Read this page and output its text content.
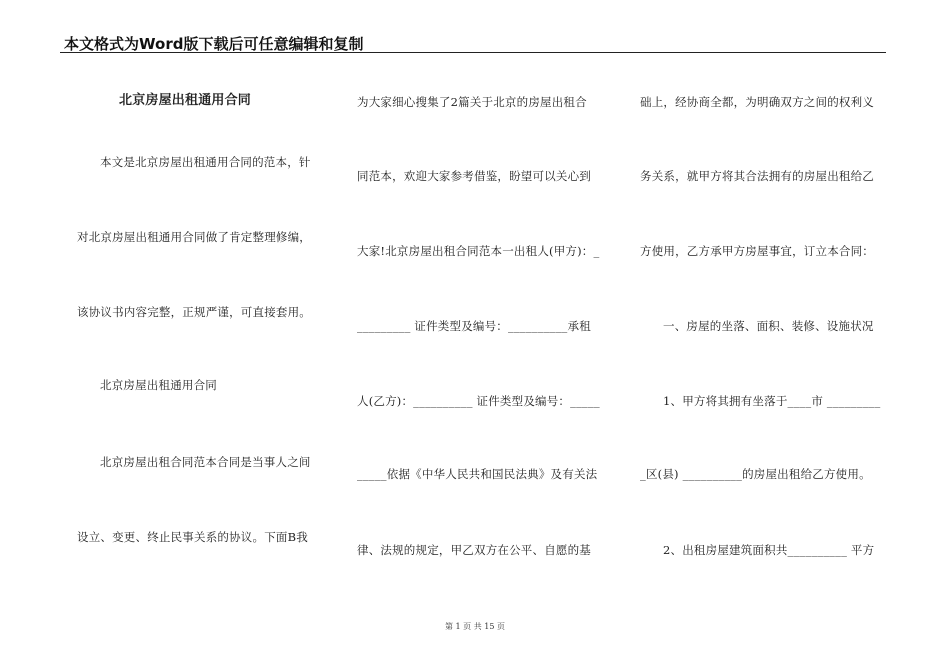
本文格式为Word版下载后可任意编辑和复制
北京房屋出租通用合同
本文是北京房屋出租通用合同的范本，针
对北京房屋出租通用合同做了肯定整理修编，
该协议书内容完整，正规严谨，可直接套用。
北京房屋出租通用合同
北京房屋出租合同范本合同是当事人之间
设立、变更、终止民事关系的协议。下面B我
为大家细心搜集了2篇关于北京的房屋出租合
同范本，欢迎大家参考借鉴，盼望可以关心到
大家!北京房屋出租合同范本一出租人(甲方)：_
_________ 证件类型及编号：__________承租
人(乙方)：__________ 证件类型及编号：_____
_____依据《中华人民共和国民法典》及有关法
律、法规的规定，甲乙双方在公平、自愿的基
础上，经协商全都，为明确双方之间的权利义
务关系，就甲方将其合法拥有的房屋出租给乙
方使用，乙方承甲方房屋事宜，订立本合同：
一、房屋的坐落、面积、装修、设施状况
1、甲方将其拥有坐落于____市 _________
_区(县) __________的房屋出租给乙方使用。
2、出租房屋建筑面积共__________ 平方
第 1 页 共 15 页
